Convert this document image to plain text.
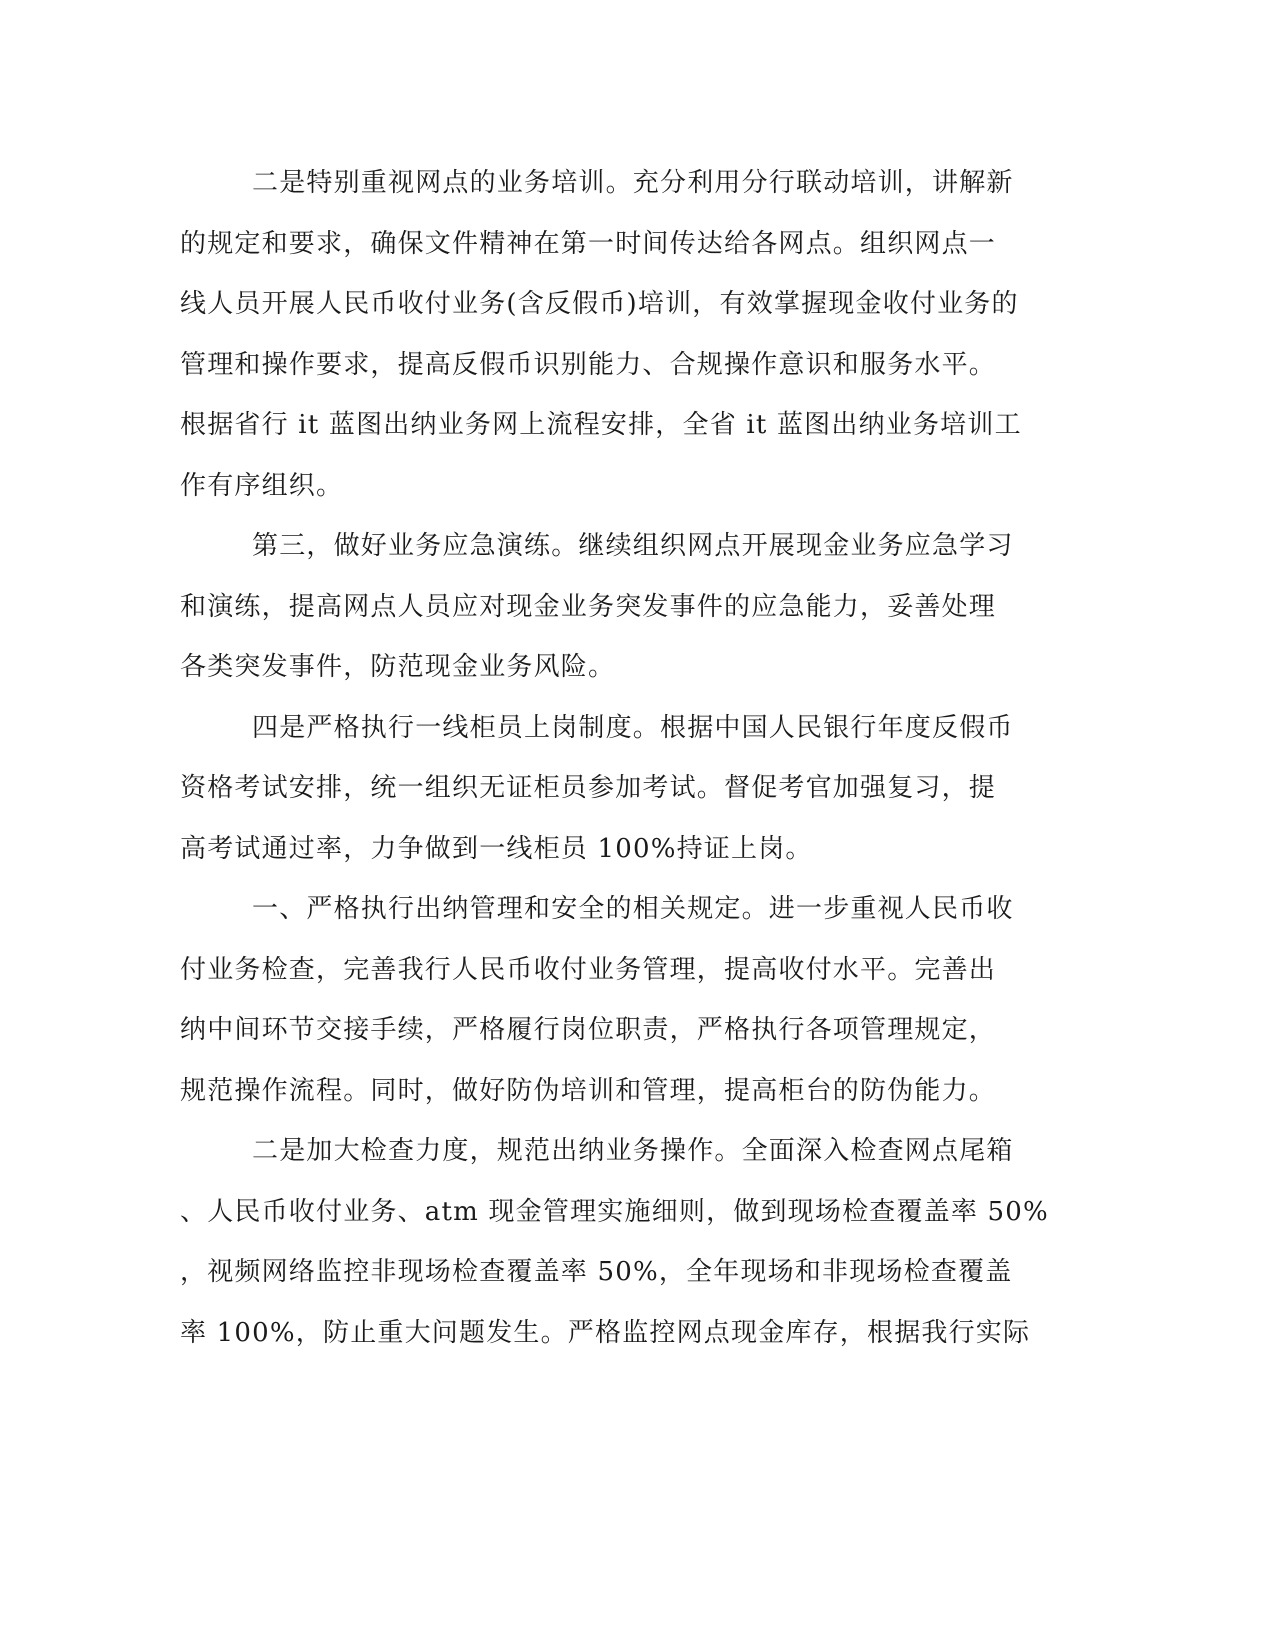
二是特别重视网点的业务培训。充分利用分行联动培训，讲解新
的规定和要求，确保文件精神在第一时间传达给各网点。组织网点一
线人员开展人民币收付业务(含反假币)培训，有效掌握现金收付业务的
管理和操作要求，提高反假币识别能力、合规操作意识和服务水平。
根据省行 it 蓝图出纳业务网上流程安排，全省 it 蓝图出纳业务培训工
作有序组织。
第三，做好业务应急演练。继续组织网点开展现金业务应急学习
和演练，提高网点人员应对现金业务突发事件的应急能力，妥善处理
各类突发事件，防范现金业务风险。
四是严格执行一线柜员上岗制度。根据中国人民银行年度反假币
资格考试安排，统一组织无证柜员参加考试。督促考官加强复习，提
高考试通过率，力争做到一线柜员 100%持证上岗。
一、严格执行出纳管理和安全的相关规定。进一步重视人民币收
付业务检查，完善我行人民币收付业务管理，提高收付水平。完善出
纳中间环节交接手续，严格履行岗位职责，严格执行各项管理规定，
规范操作流程。同时，做好防伪培训和管理，提高柜台的防伪能力。
二是加大检查力度，规范出纳业务操作。全面深入检查网点尾箱
、人民币收付业务、atm 现金管理实施细则，做到现场检查覆盖率 50%
，视频网络监控非现场检查覆盖率 50%，全年现场和非现场检查覆盖
率 100%，防止重大问题发生。严格监控网点现金库存，根据我行实际
